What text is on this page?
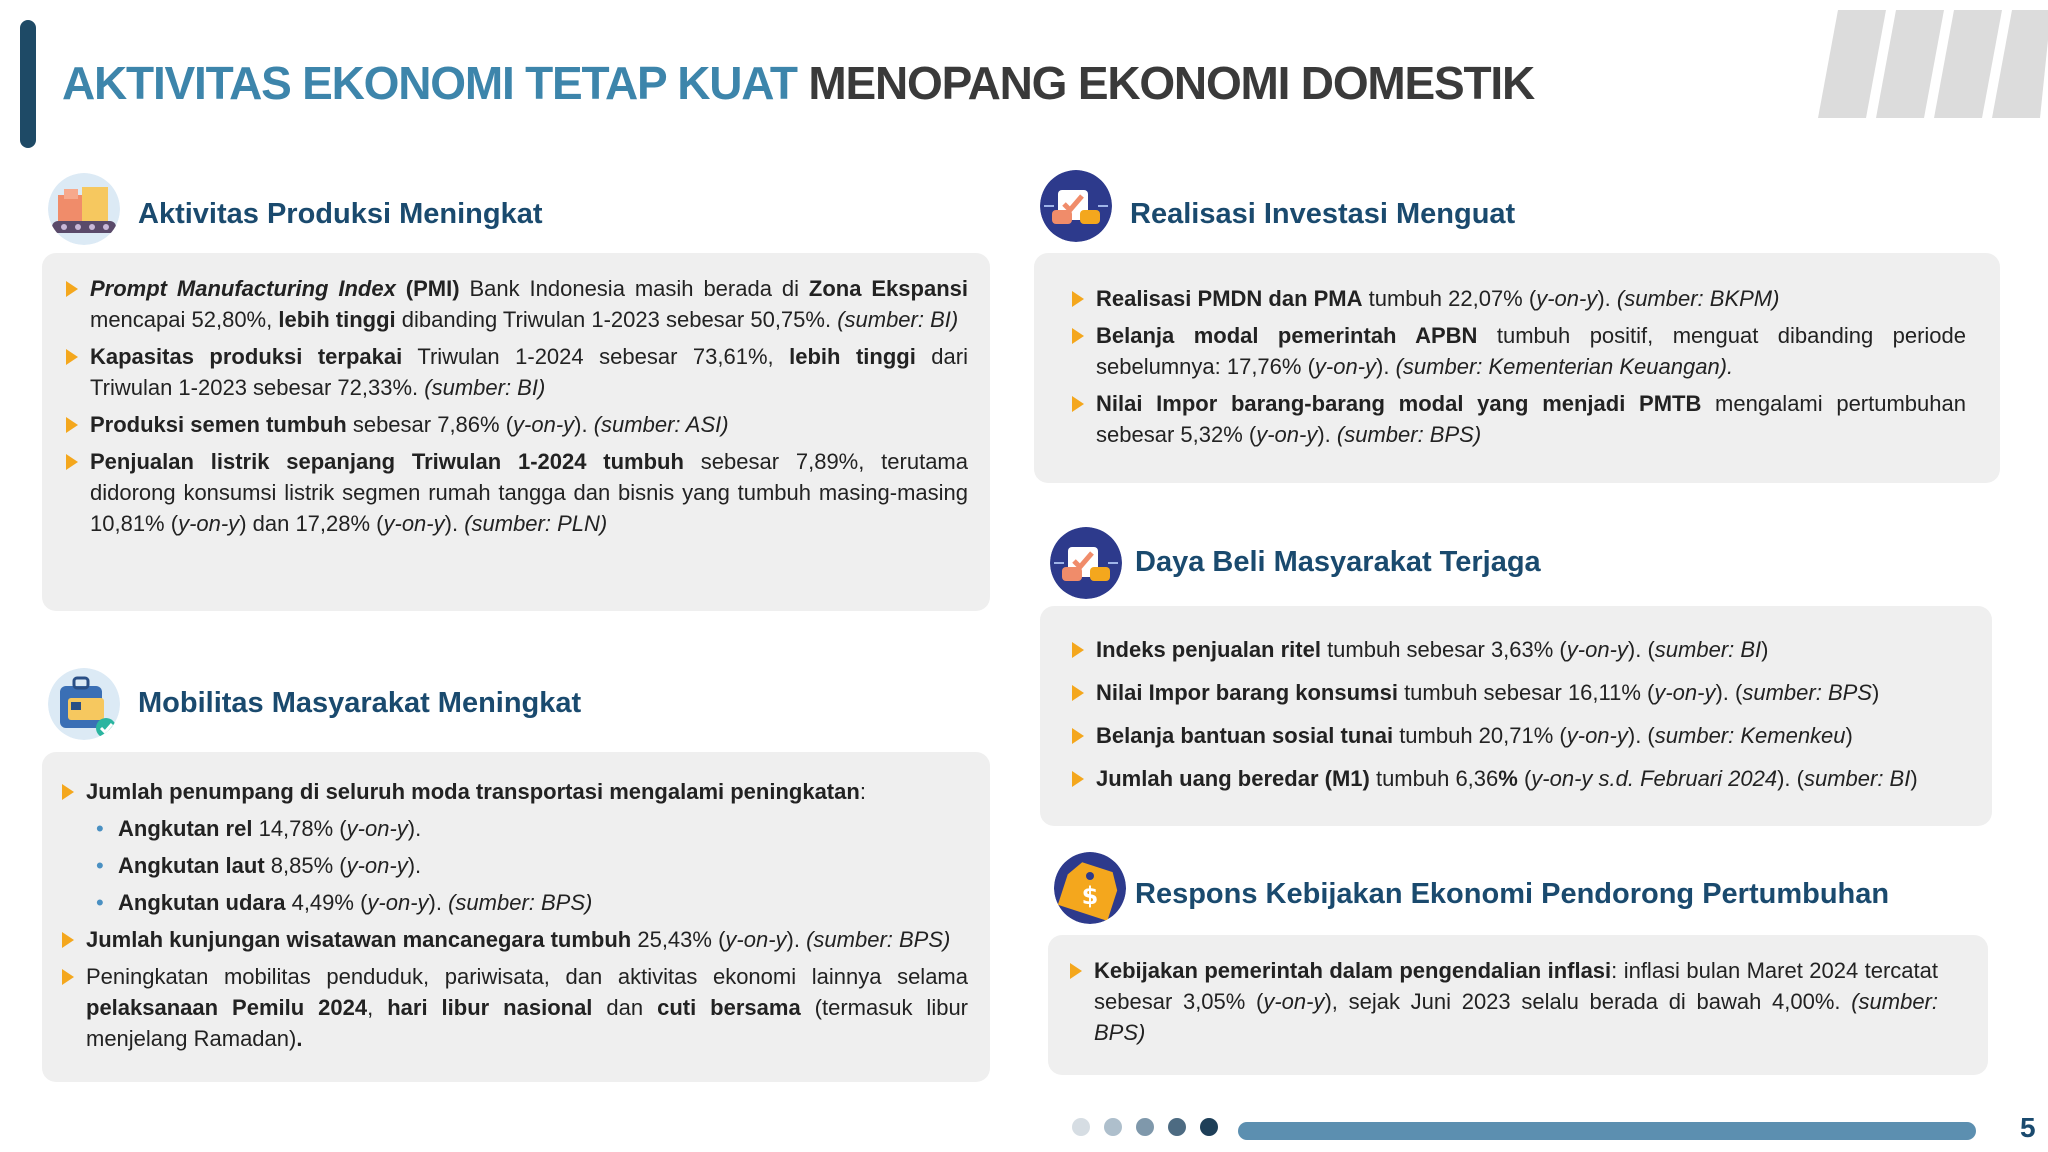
AKTIVITAS EKONOMI TETAP KUAT MENOPANG EKONOMI DOMESTIK
Aktivitas Produksi Meningkat
Prompt Manufacturing Index (PMI) Bank Indonesia masih berada di Zona Ekspansi mencapai 52,80%, lebih tinggi dibanding Triwulan 1-2023 sebesar 50,75%. (sumber: BI)
Kapasitas produksi terpakai Triwulan 1-2024 sebesar 73,61%, lebih tinggi dari Triwulan 1-2023 sebesar 72,33%. (sumber: BI)
Produksi semen tumbuh sebesar 7,86% (y-on-y). (sumber: ASI)
Penjualan listrik sepanjang Triwulan 1-2024 tumbuh sebesar 7,89%, terutama didorong konsumsi listrik segmen rumah tangga dan bisnis yang tumbuh masing-masing 10,81% (y-on-y) dan 17,28% (y-on-y). (sumber: PLN)
Mobilitas Masyarakat Meningkat
Jumlah penumpang di seluruh moda transportasi mengalami peningkatan:
• Angkutan rel 14,78% (y-on-y).
• Angkutan laut 8,85% (y-on-y).
• Angkutan udara 4,49% (y-on-y). (sumber: BPS)
Jumlah kunjungan wisatawan mancanegara tumbuh 25,43% (y-on-y). (sumber: BPS)
Peningkatan mobilitas penduduk, pariwisata, dan aktivitas ekonomi lainnya selama pelaksanaan Pemilu 2024, hari libur nasional dan cuti bersama (termasuk libur menjelang Ramadan).
Realisasi Investasi Menguat
Realisasi PMDN dan PMA tumbuh 22,07% (y-on-y). (sumber: BKPM)
Belanja modal pemerintah APBN tumbuh positif, menguat dibanding periode sebelumnya: 17,76% (y-on-y). (sumber: Kementerian Keuangan).
Nilai Impor barang-barang modal yang menjadi PMTB mengalami pertumbuhan sebesar 5,32% (y-on-y). (sumber: BPS)
Daya Beli Masyarakat Terjaga
Indeks penjualan ritel tumbuh sebesar 3,63% (y-on-y). (sumber: BI)
Nilai Impor barang konsumsi tumbuh sebesar 16,11% (y-on-y). (sumber: BPS)
Belanja bantuan sosial tunai tumbuh 20,71% (y-on-y). (sumber: Kemenkeu)
Jumlah uang beredar (M1) tumbuh 6,36% (y-on-y s.d. Februari 2024). (sumber: BI)
$ Respons Kebijakan Ekonomi Pendorong Pertumbuhan
Kebijakan pemerintah dalam pengendalian inflasi: inflasi bulan Maret 2024 tercatat sebesar 3,05% (y-on-y), sejak Juni 2023 selalu berada di bawah 4,00%. (sumber: BPS)
5
